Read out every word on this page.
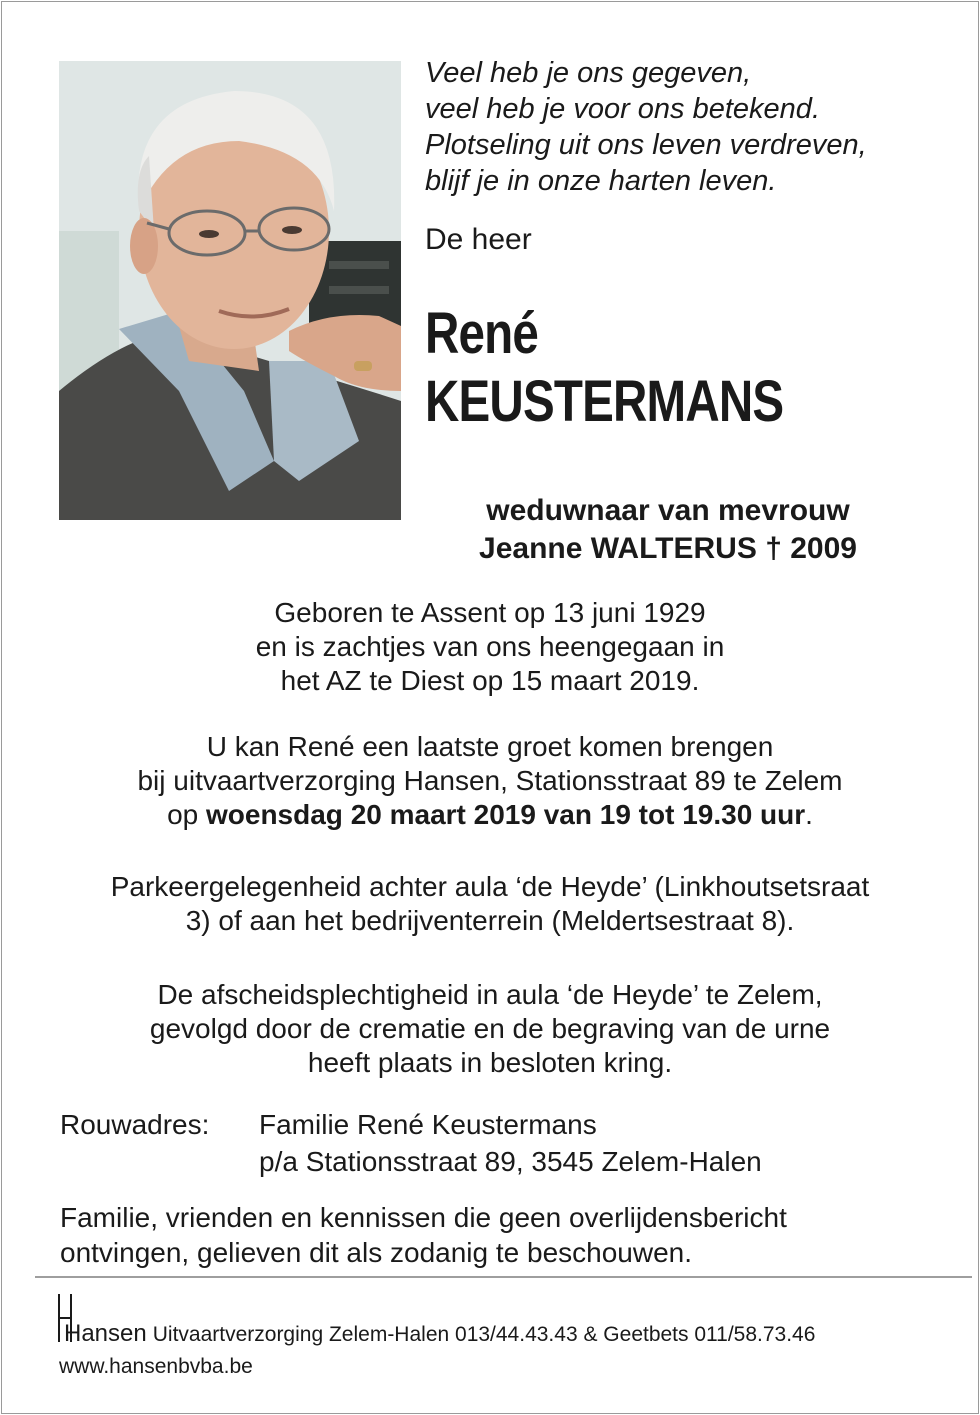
Veel heb je ons gegeven,
veel heb je voor ons betekend.
Plotseling uit ons leven verdreven,
blijf je in onze harten leven.
De heer
René
KEUSTERMANS
weduwnaar van mevrouw
Jeanne WALTERUS † 2009
Geboren te Assent op 13 juni 1929
en is zachtjes van ons heengegaan in
het AZ te Diest op 15 maart 2019.
U kan René een laatste groet komen brengen
bij uitvaartverzorging Hansen, Stationsstraat 89 te Zelem
op woensdag 20 maart 2019 van 19 tot 19.30 uur.
Parkeergelegenheid achter aula ‘de Heyde’ (Linkhoutsetsraat
3) of aan het bedrijventerrein (Meldertsestraat 8).
De afscheidsplechtigheid in aula ‘de Heyde’ te Zelem,
gevolgd door de crematie en de begraving van de urne
heeft plaats in besloten kring.
Rouwadres: Familie René Keustermans
p/a Stationsstraat 89, 3545 Zelem-Halen
Familie, vrienden en kennissen die geen overlijdensbericht
ontvingen, gelieven dit als zodanig te beschouwen.
Hansen Uitvaartverzorging Zelem-Halen 013/44.43.43 & Geetbets 011/58.73.46
www.hansenbvba.be
